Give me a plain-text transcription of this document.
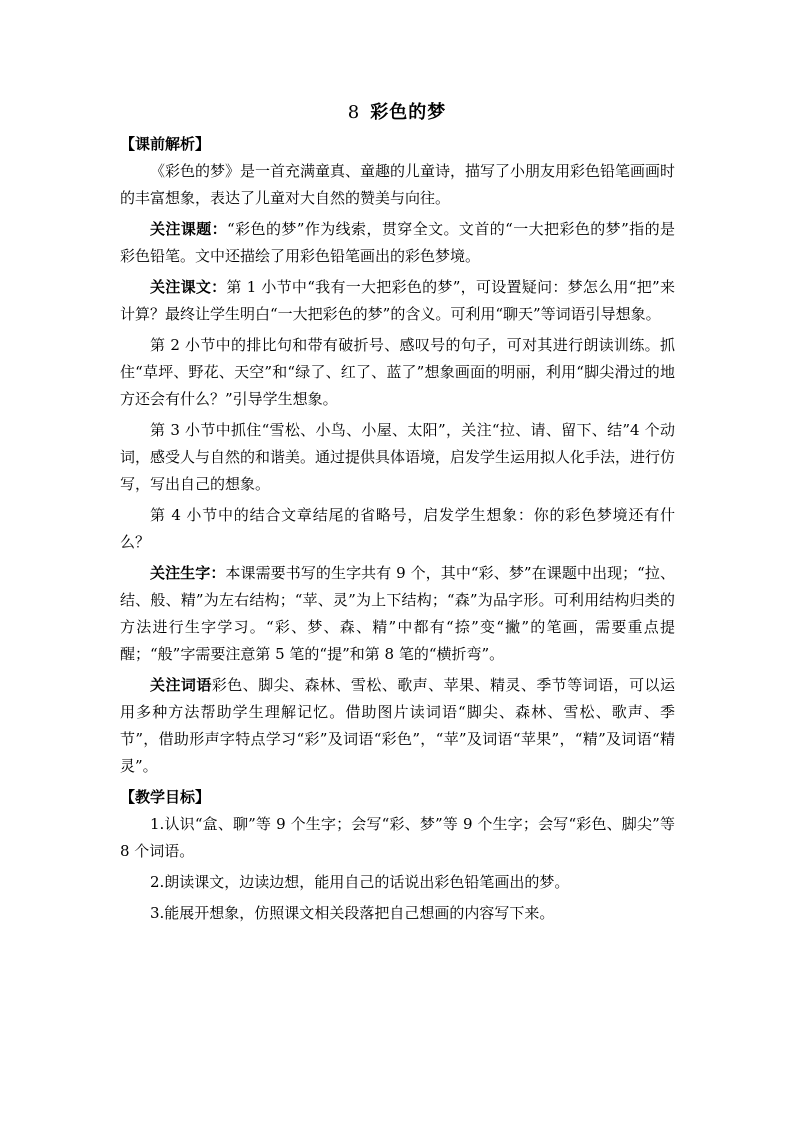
8 彩色的梦

【课前解析】

《彩色的梦》是一首充满童真、童趣的儿童诗，描写了小朋友用彩色铅笔画画时的丰富想象，表达了儿童对大自然的赞美与向往。

关注课题：“彩色的梦”作为线索，贯穿全文。文首的“一大把彩色的梦”指的是彩色铅笔。文中还描绘了用彩色铅笔画出的彩色梦境。

关注课文：第 1 小节中“我有一大把彩色的梦”，可设置疑问：梦怎么用“把”来计算？最终让学生明白“一大把彩色的梦”的含义。可利用“聊天”等词语引导想象。

第 2 小节中的排比句和带有破折号、感叹号的句子，可对其进行朗读训练。抓住“草坪、野花、天空”和“绿了、红了、蓝了”想象画面的明丽，利用“脚尖滑过的地方还会有什么？”引导学生想象。

第 3 小节中抓住“雪松、小鸟、小屋、太阳”，关注“拉、请、留下、结”4 个动词，感受人与自然的和谐美。通过提供具体语境，启发学生运用拟人化手法，进行仿写，写出自己的想象。

第 4 小节中的结合文章结尾的省略号，启发学生想象：你的彩色梦境还有什么？

关注生字：本课需要书写的生字共有 9 个，其中“彩、梦”在课题中出现；“拉、结、般、精”为左右结构；“苹、灵”为上下结构；“森”为品字形。可利用结构归类的方法进行生字学习。“彩、梦、森、精”中都有“捺”变“撇”的笔画，需要重点提醒；“般”字需要注意第 5 笔的“提”和第 8 笔的“横折弯”。

关注词语彩色、脚尖、森林、雪松、歌声、苹果、精灵、季节等词语，可以运用多种方法帮助学生理解记忆。借助图片读词语“脚尖、森林、雪松、歌声、季节”，借助形声字特点学习“彩”及词语“彩色”，“苹”及词语“苹果”，“精”及词语“精灵”。

【教学目标】

1.认识“盒、聊”等 9 个生字；会写“彩、梦”等 9 个生字；会写“彩色、脚尖”等 8 个词语。

2.朗读课文，边读边想，能用自己的话说出彩色铅笔画出的梦。

3.能展开想象，仿照课文相关段落把自己想画的内容写下来。
